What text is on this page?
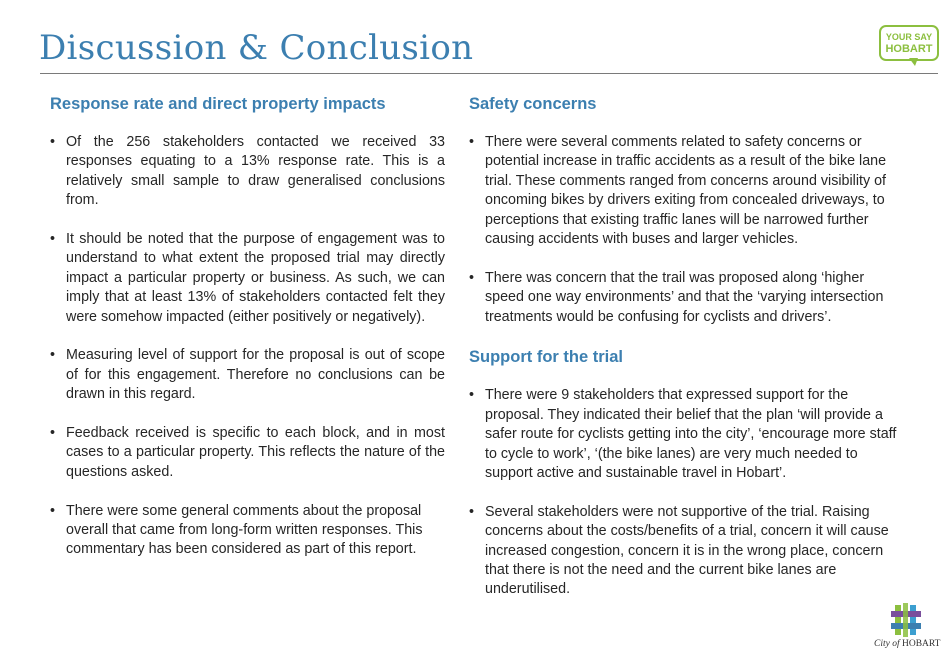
Discussion & Conclusion	YOUR SAY
HOBART
Response rate and direct property impacts
• Of the 256 stakeholders contacted we received 33 responses equating to a 13% response rate. This is a relatively small sample to draw generalised conclusions from.
• It should be noted that the purpose of engagement was to understand to what extent the proposed trial may directly impact a particular property or business. As such, we can imply that at least 13% of stakeholders contacted felt they were somehow impacted (either positively or negatively).
• Measuring level of support for the proposal is out of scope of for this engagement. Therefore no conclusions can be drawn in this regard.
• Feedback received is specific to each block, and in most cases to a particular property. This reflects the nature of the questions asked.
• There were some general comments about the proposal overall that came from long-form written responses. This commentary has been considered as part of this report.
Safety concerns
• There were several comments related to safety concerns or potential increase in traffic accidents as a result of the bike lane trial. These comments ranged from concerns around visibility of oncoming bikes by drivers exiting from concealed driveways, to perceptions that existing traffic lanes will be narrowed further causing accidents with buses and larger vehicles.
• There was concern that the trail was proposed along ‘higher speed one way environments’ and that the ‘varying intersection treatments would be confusing for cyclists and drivers’.
Support for the trial
• There were 9 stakeholders that expressed support for the proposal. They indicated their belief that the plan ‘will provide a safer route for cyclists getting into the city’, ‘encourage more staff to cycle to work’, ‘(the bike lanes) are very much needed to support active and sustainable travel in Hobart’.
• Several stakeholders were not supportive of the trial. Raising concerns about the costs/benefits of a trial, concern it will cause increased congestion, concern it is in the wrong place, concern that there is not the need and the current bike lanes are underutilised.
City of HOBART
